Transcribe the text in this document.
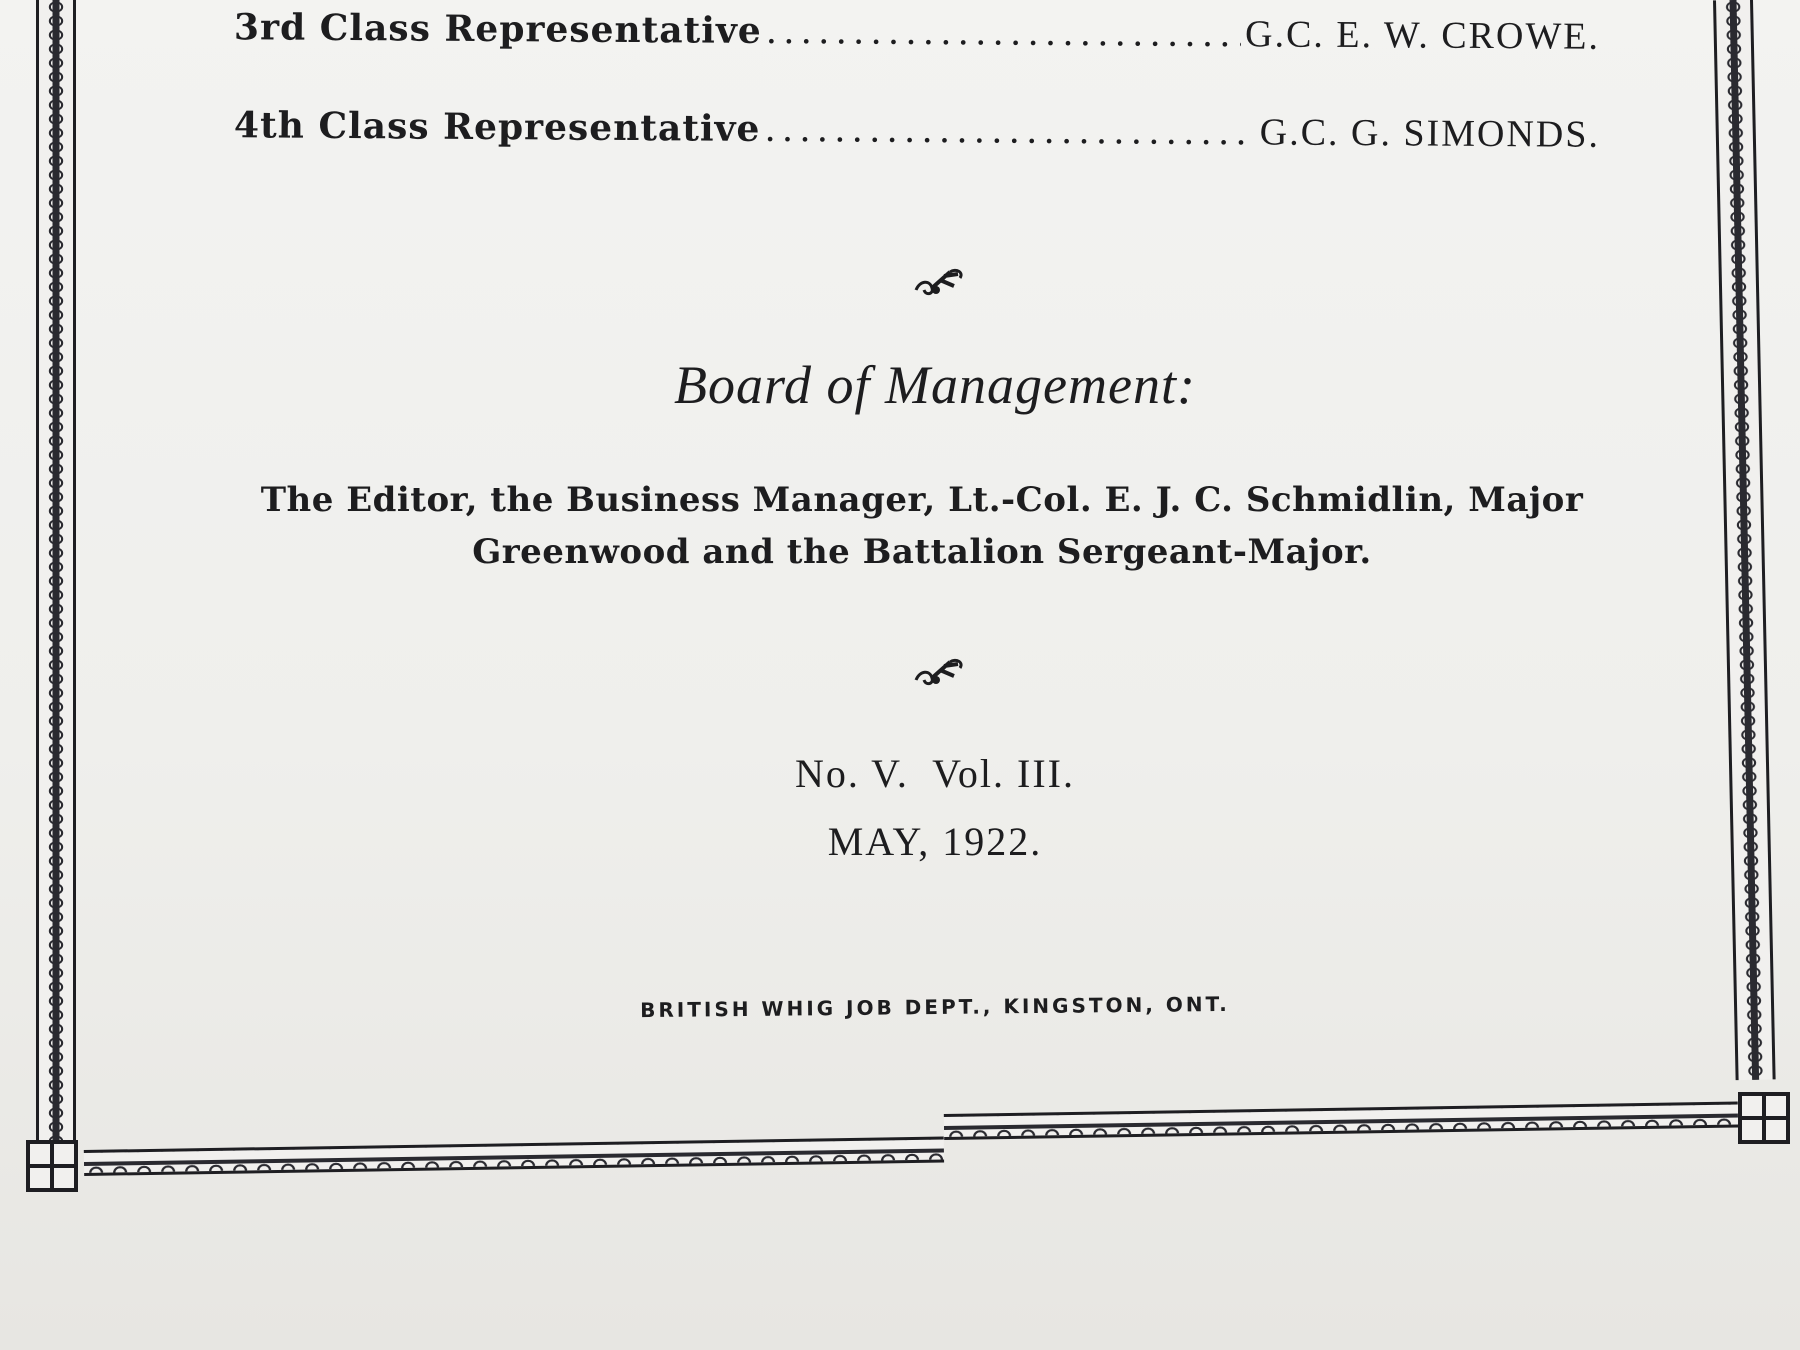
3rd Class Representative .....	G.C. E. W. CROWE.
4th Class Representative .....	G.C. G. SIMONDS.
Board of Management:
The Editor, the Business Manager, Lt.-Col. E. J. C. Schmidlin, Major Greenwood and the Battalion Sergeant-Major.
No. V.  Vol. III.
MAY, 1922.
BRITISH WHIG JOB DEPT., KINGSTON, ONT.
